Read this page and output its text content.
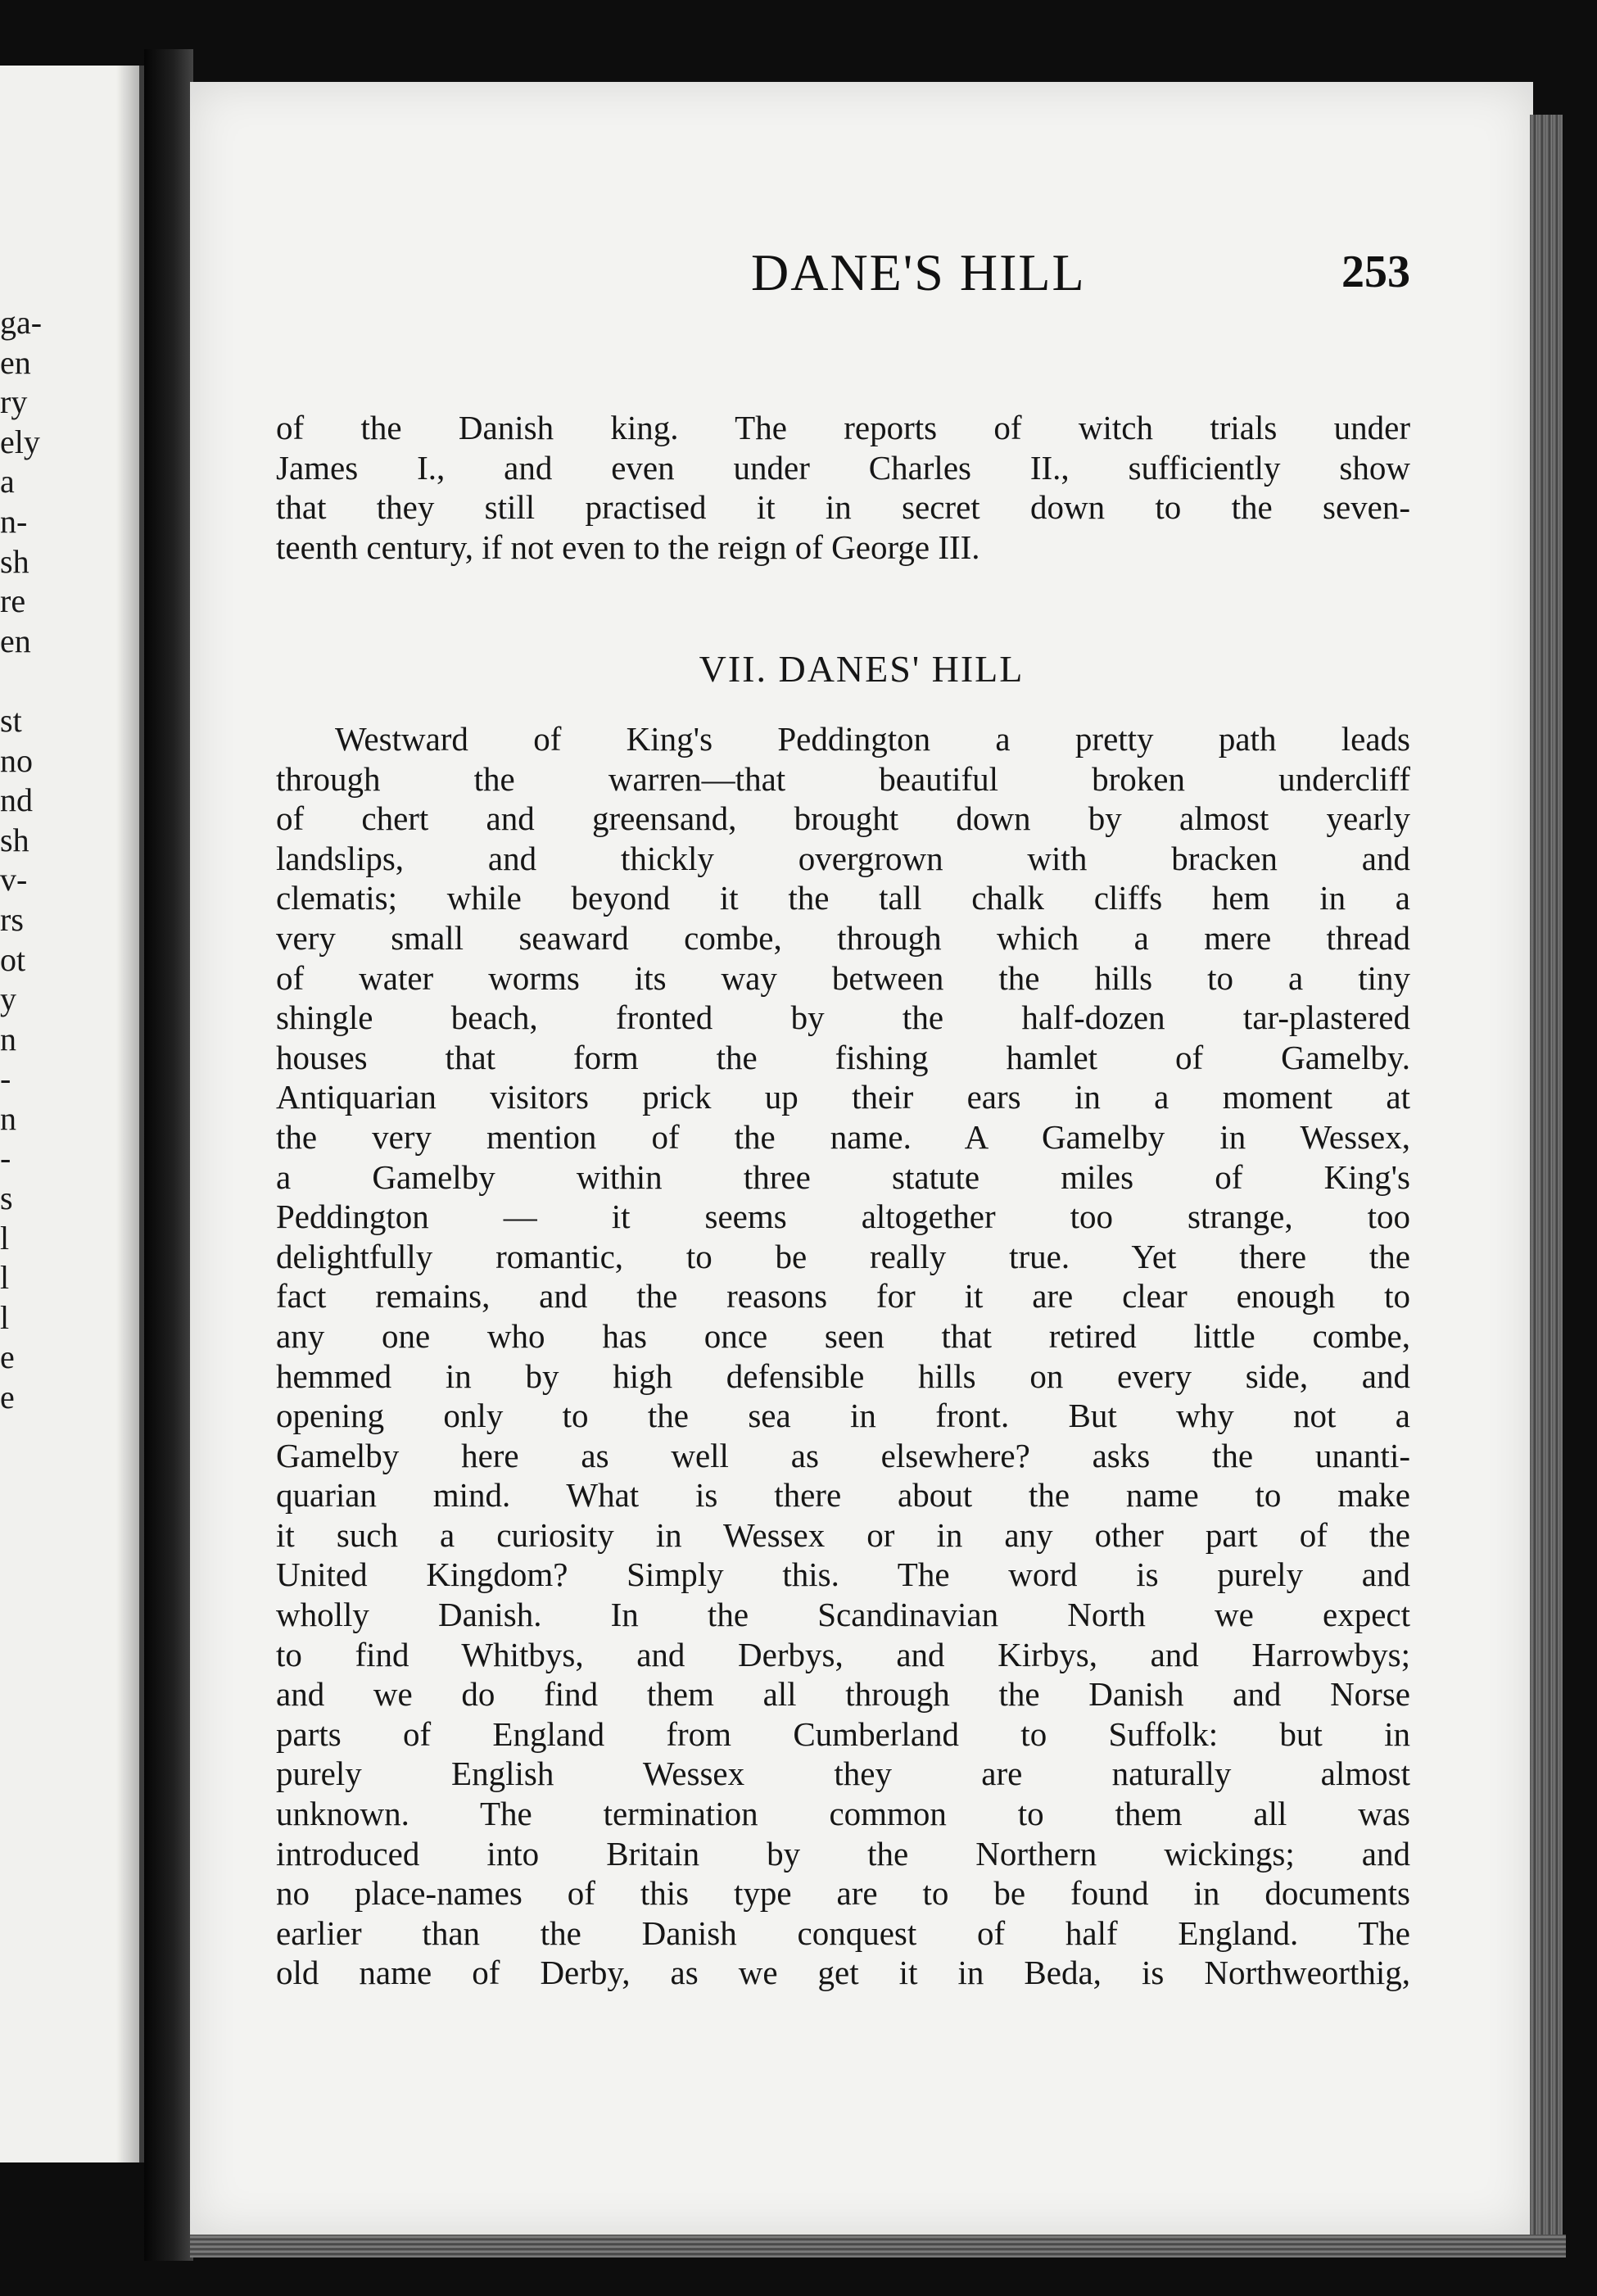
ga-
en
ry
ely
a
n-
sh
re
en
st
no
nd
sh
v-
rs
ot
y
n
-
n
-
s
l
l
l
e
e
DANE'S HILL	253
of the Danish king. The reports of witch trials under
James I., and even under Charles II., sufficiently show
that they still practised it in secret down to the seven-
teenth century, if not even to the reign of George III.
VII. DANES' HILL
Westward of King's Peddington a pretty path leads
through the warren—that beautiful broken undercliff
of chert and greensand, brought down by almost yearly
landslips, and thickly overgrown with bracken and
clematis; while beyond it the tall chalk cliffs hem in a
very small seaward combe, through which a mere thread
of water worms its way between the hills to a tiny
shingle beach, fronted by the half-dozen tar-plastered
houses that form the fishing hamlet of Gamelby.
Antiquarian visitors prick up their ears in a moment at
the very mention of the name. A Gamelby in Wessex,
a Gamelby within three statute miles of King's
Peddington — it seems altogether too strange, too
delightfully romantic, to be really true. Yet there the
fact remains, and the reasons for it are clear enough to
any one who has once seen that retired little combe,
hemmed in by high defensible hills on every side, and
opening only to the sea in front. But why not a
Gamelby here as well as elsewhere? asks the unanti-
quarian mind. What is there about the name to make
it such a curiosity in Wessex or in any other part of the
United Kingdom? Simply this. The word is purely and
wholly Danish. In the Scandinavian North we expect
to find Whitbys, and Derbys, and Kirbys, and Harrowbys;
and we do find them all through the Danish and Norse
parts of England from Cumberland to Suffolk: but in
purely English Wessex they are naturally almost
unknown. The termination common to them all was
introduced into Britain by the Northern wickings; and
no place-names of this type are to be found in documents
earlier than the Danish conquest of half England. The
old name of Derby, as we get it in Beda, is Northweorthig,
